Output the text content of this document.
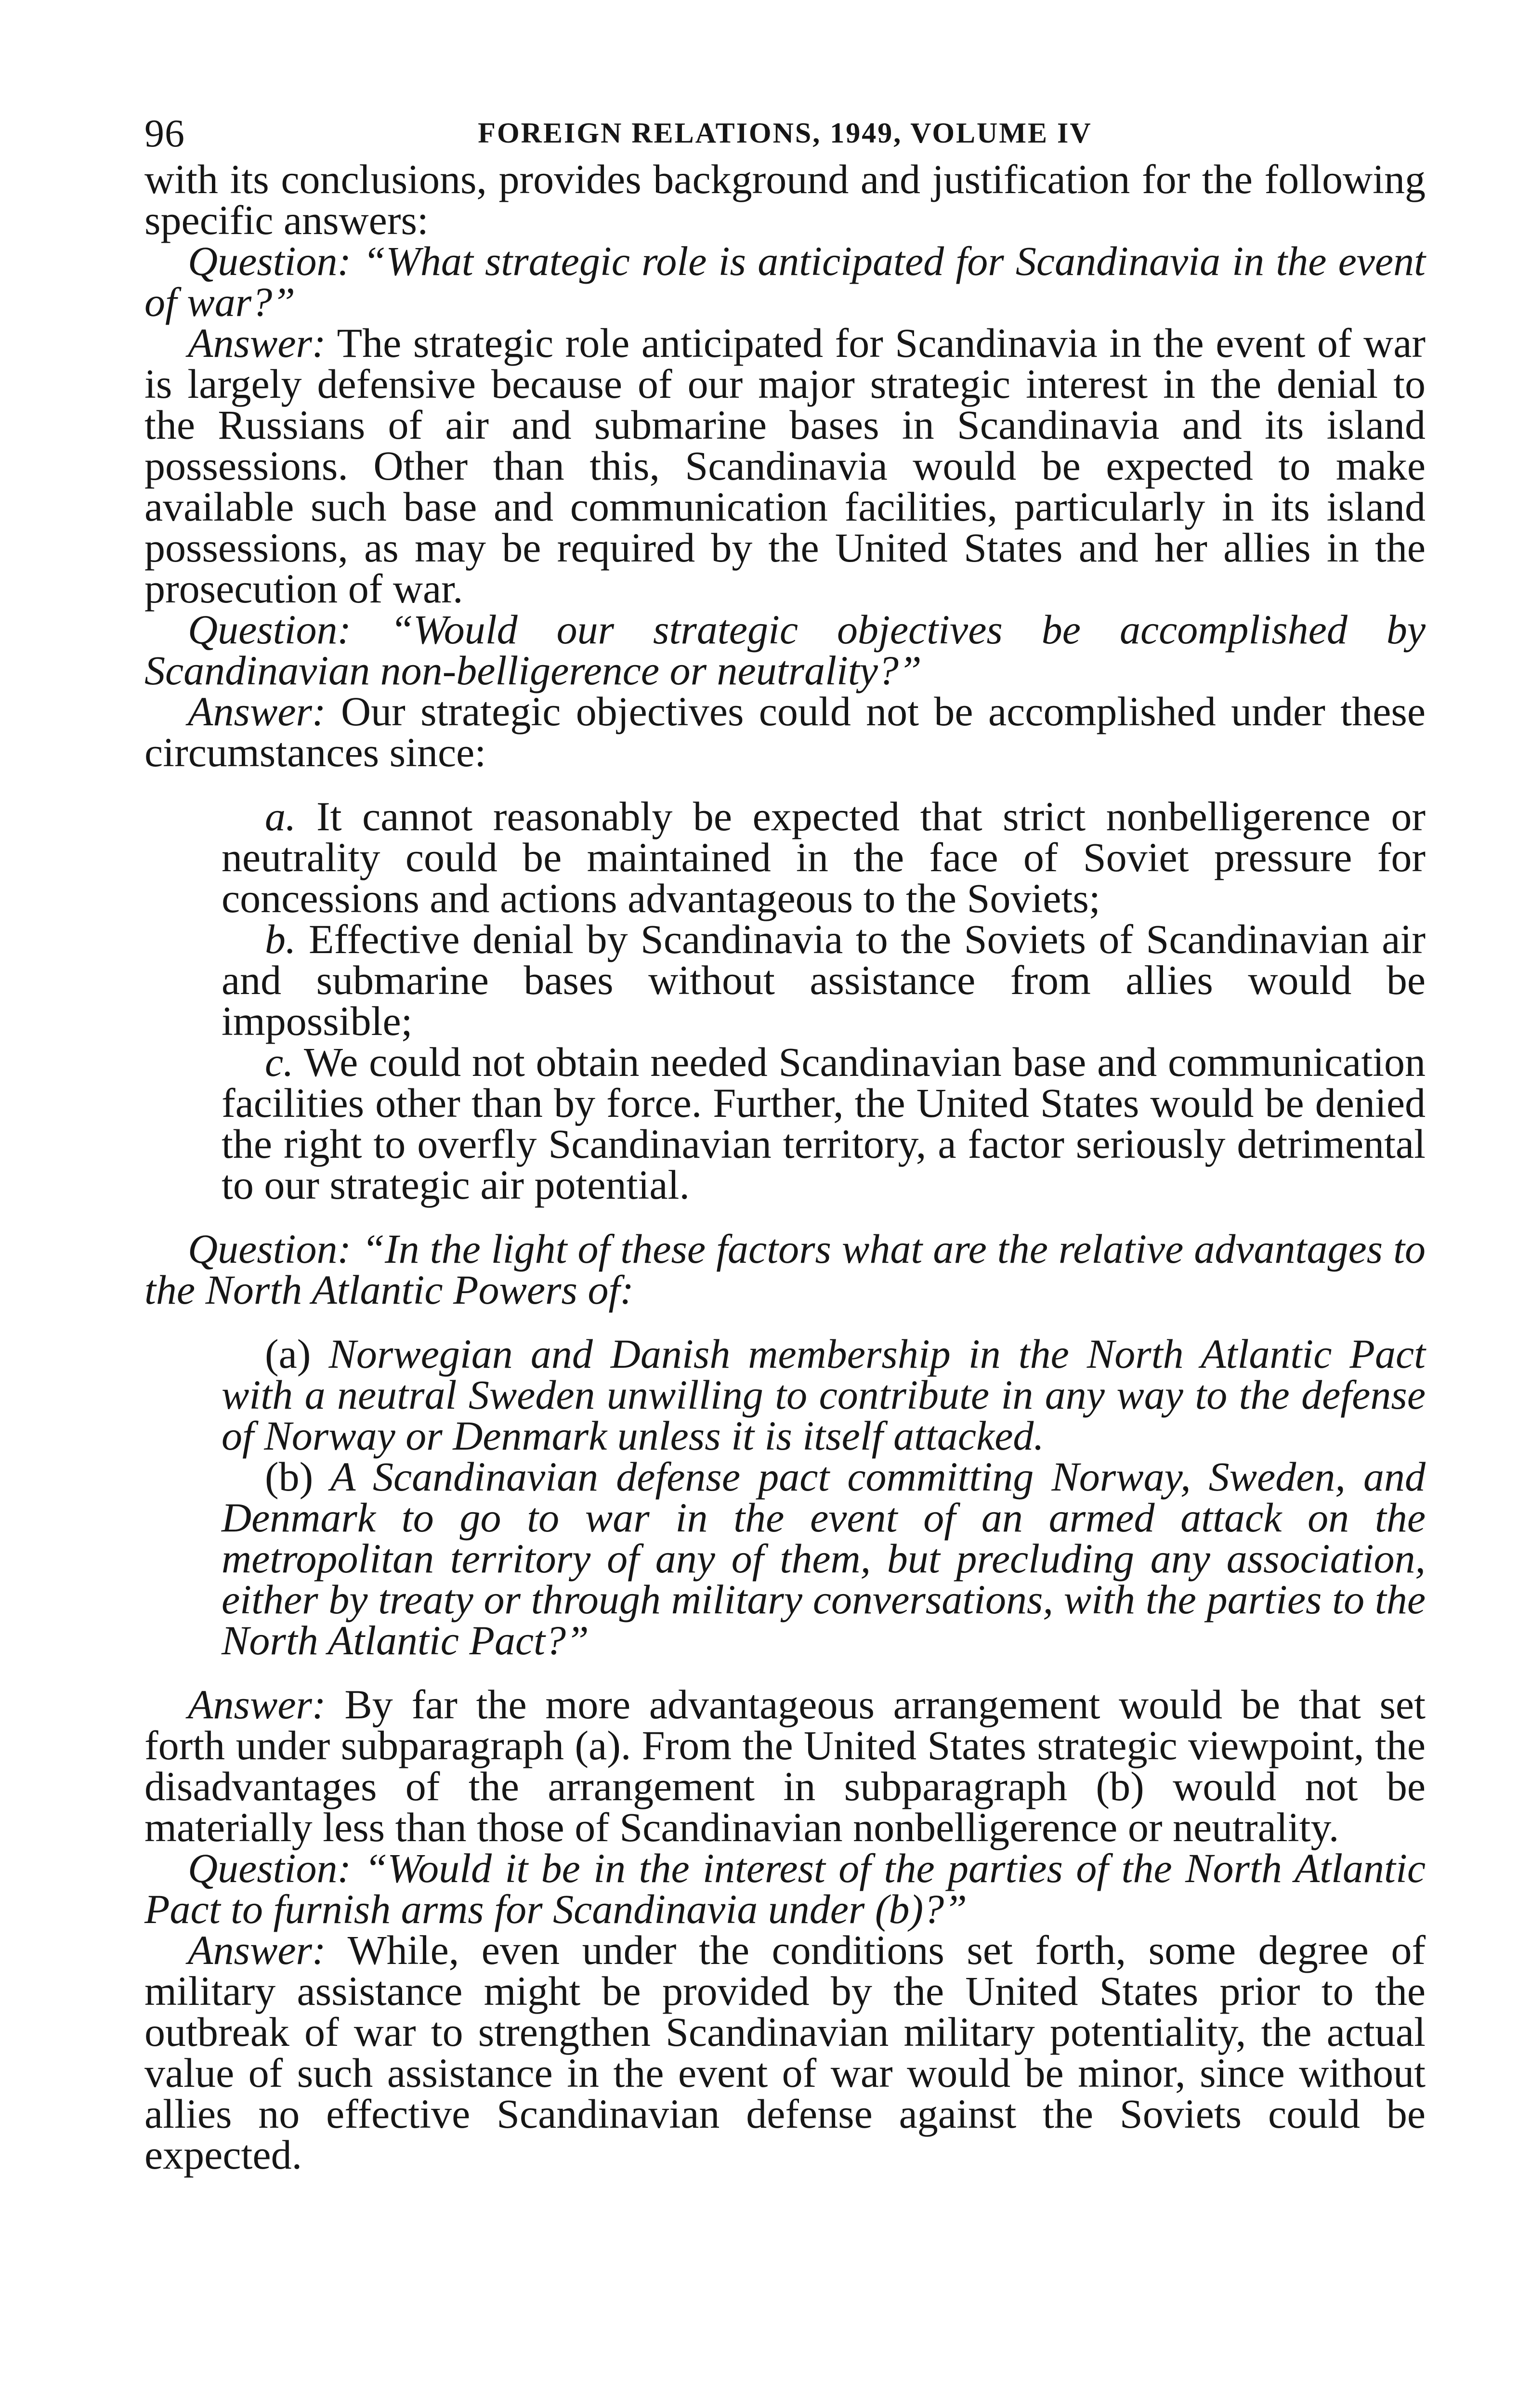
96	FOREIGN RELATIONS, 1949, VOLUME IV

with its conclusions, provides background and justification for the following specific answers:

Question: “What strategic role is anticipated for Scandinavia in the event of war?”

Answer: The strategic role anticipated for Scandinavia in the event of war is largely defensive because of our major strategic interest in the denial to the Russians of air and submarine bases in Scandinavia and its island possessions. Other than this, Scandinavia would be expected to make available such base and communication facilities, particularly in its island possessions, as may be required by the United States and her allies in the prosecution of war.

Question: “Would our strategic objectives be accomplished by Scandinavian non-belligerence or neutrality?”

Answer: Our strategic objectives could not be accomplished under these circumstances since:

a. It cannot reasonably be expected that strict nonbelligerence or neutrality could be maintained in the face of Soviet pressure for concessions and actions advantageous to the Soviets;

b. Effective denial by Scandinavia to the Soviets of Scandinavian air and submarine bases without assistance from allies would be impossible;

c. We could not obtain needed Scandinavian base and communication facilities other than by force. Further, the United States would be denied the right to overfly Scandinavian territory, a factor seriously detrimental to our strategic air potential.

Question: “In the light of these factors what are the relative advantages to the North Atlantic Powers of:

(a) Norwegian and Danish membership in the North Atlantic Pact with a neutral Sweden unwilling to contribute in any way to the defense of Norway or Denmark unless it is itself attacked.

(b) A Scandinavian defense pact committing Norway, Sweden, and Denmark to go to war in the event of an armed attack on the metropolitan territory of any of them, but precluding any association, either by treaty or through military conversations, with the parties to the North Atlantic Pact?”

Answer: By far the more advantageous arrangement would be that set forth under subparagraph (a). From the United States strategic viewpoint, the disadvantages of the arrangement in subparagraph (b) would not be materially less than those of Scandinavian nonbelligerence or neutrality.

Question: “Would it be in the interest of the parties of the North Atlantic Pact to furnish arms for Scandinavia under (b)?”

Answer: While, even under the conditions set forth, some degree of military assistance might be provided by the United States prior to the outbreak of war to strengthen Scandinavian military potentiality, the actual value of such assistance in the event of war would be minor, since without allies no effective Scandinavian defense against the Soviets could be expected.
